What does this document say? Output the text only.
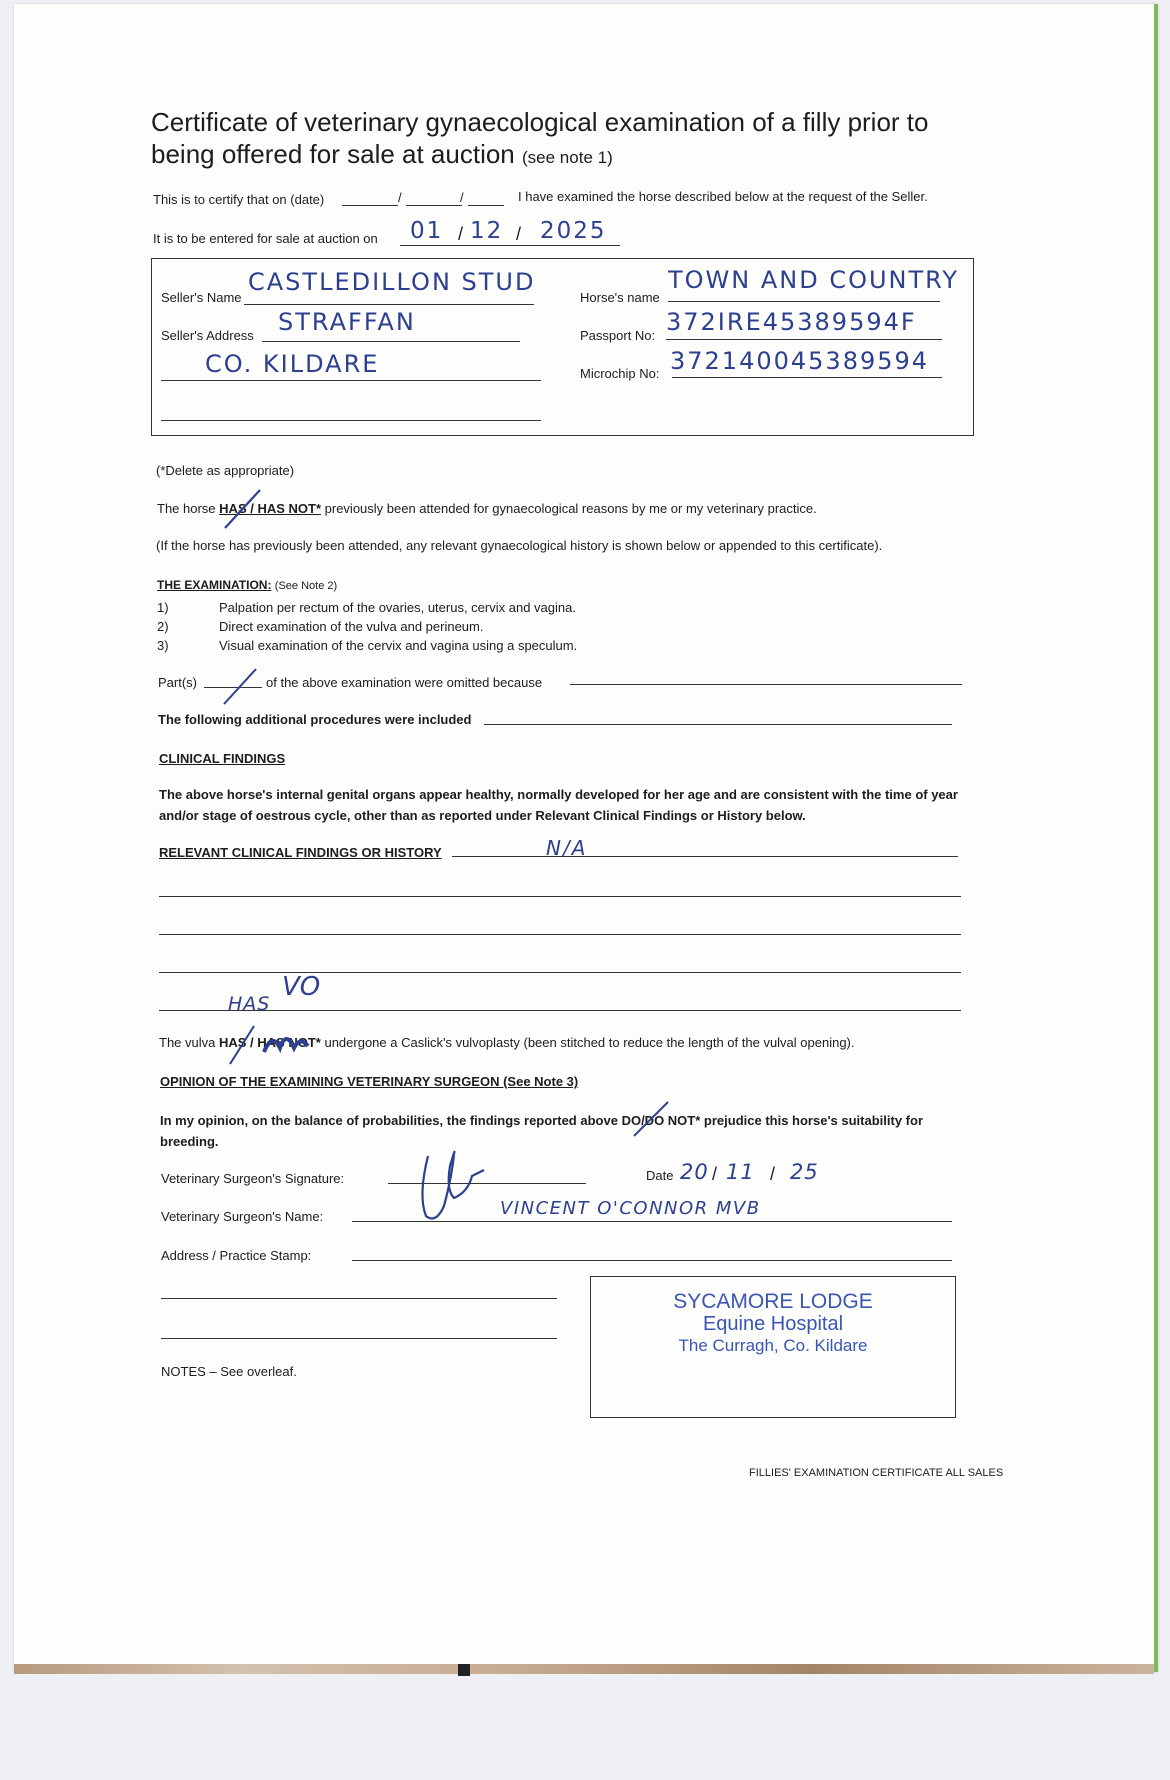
Certificate of veterinary gynaecological examination of a filly prior to
being offered for sale at auction (see note 1)
This is to certify that on (date)	/	/	I have examined the horse described below at the request of the Seller.
It is to be entered for sale at auction on 01 / 12 / 2025
Seller's Name
CASTLEDILLON STUD
Seller's Address STRAFFAN
CO. KILDARE
Horse's name
TOWN AND COUNTRY
Passport No: 372IRE45389594F
Microchip No: 372140045389594
(*Delete as appropriate)
The horse HAS / HAS NOT* previously been attended for gynaecological reasons by me or my veterinary practice.
(If the horse has previously been attended, any relevant gynaecological history is shown below or appended to this certificate).
THE EXAMINATION: (See Note 2)
1)	Palpation per rectum of the ovaries, uterus, cervix and vagina.
2)	Direct examination of the vulva and perineum.
3)	Visual examination of the cervix and vagina using a speculum.
Part(s)	of the above examination were omitted because
The following additional procedures were included
CLINICAL FINDINGS
The above horse's internal genital organs appear healthy, normally developed for her age and are consistent with the time of year and/or stage of oestrous cycle, other than as reported under Relevant Clinical Findings or History below.
RELEVANT CLINICAL FINDINGS OR HISTORY	N/A
HAS
VO
The vulva HAS / HAS NOT* undergone a Caslick's vulvoplasty (been stitched to reduce the length of the vulval opening).
OPINION OF THE EXAMINING VETERINARY SURGEON (See Note 3)
In my opinion, on the balance of probabilities, the findings reported above DO/DO NOT* prejudice this horse's suitability for breeding.
Veterinary Surgeon's Signature:	Date 20 / 11 / 25
Veterinary Surgeon's Name:	VINCENT O'CONNOR MVB
Address / Practice Stamp:
SYCAMORE LODGE
Equine Hospital
The Curragh, Co. Kildare
NOTES – See overleaf.
FILLIES' EXAMINATION CERTIFICATE ALL SALES
